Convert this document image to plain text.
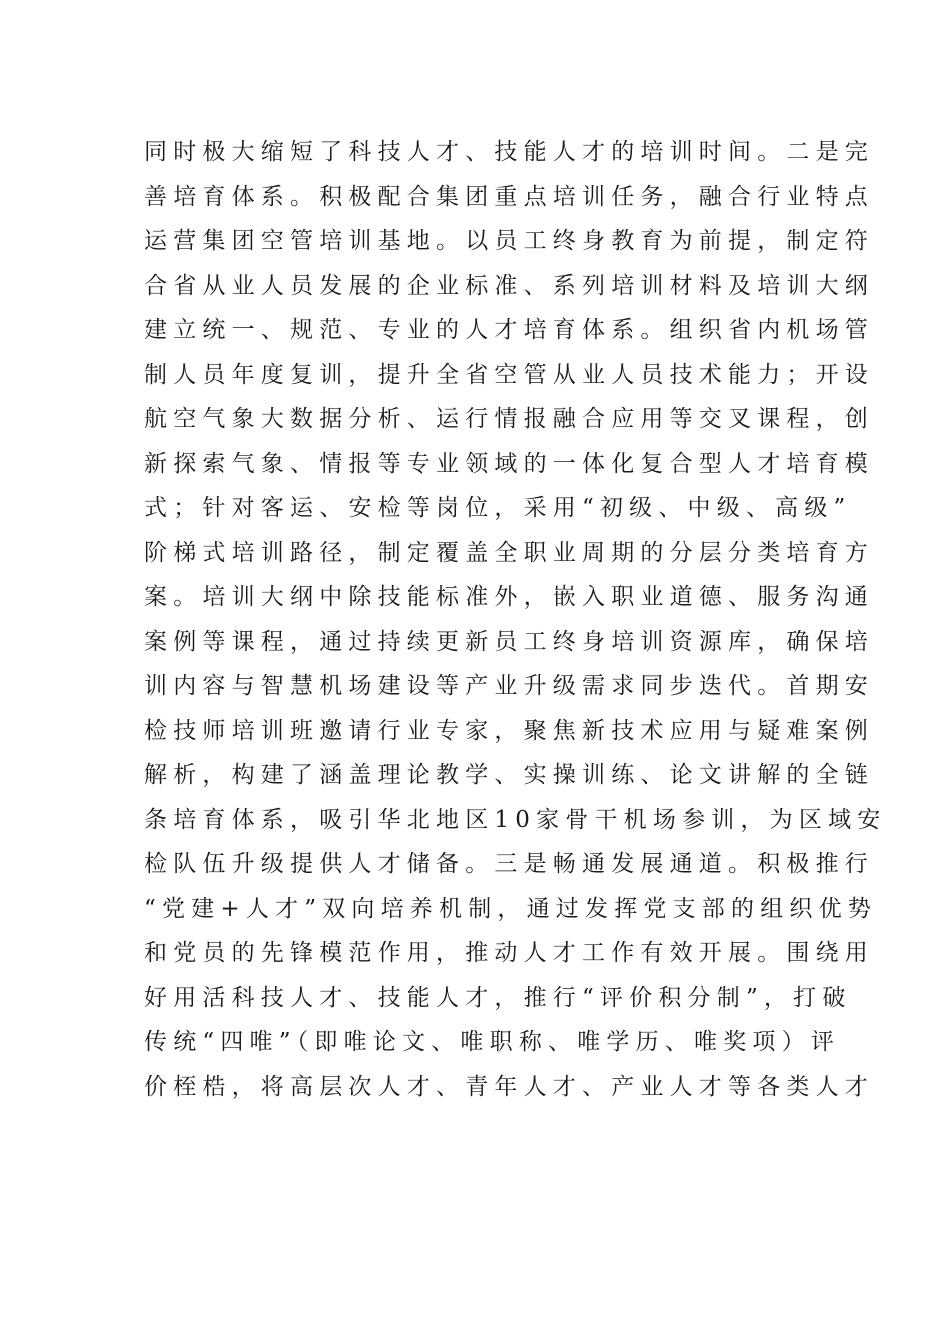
同时极大缩短了科技人才、技能人才的培训时间。二是完
善培育体系。积极配合集团重点培训任务，融合行业特点
运营集团空管培训基地。以员工终身教育为前提，制定符
合省从业人员发展的企业标准、系列培训材料及培训大纲
建立统一、规范、专业的人才培育体系。组织省内机场管
制人员年度复训，提升全省空管从业人员技术能力；开设
航空气象大数据分析、运行情报融合应用等交叉课程，创
新探索气象、情报等专业领域的一体化复合型人才培育模
式；针对客运、安检等岗位，采用“初级、中级、高级”
阶梯式培训路径，制定覆盖全职业周期的分层分类培育方
案。培训大纲中除技能标准外，嵌入职业道德、服务沟通
案例等课程，通过持续更新员工终身培训资源库，确保培
训内容与智慧机场建设等产业升级需求同步迭代。首期安
检技师培训班邀请行业专家，聚焦新技术应用与疑难案例
解析，构建了涵盖理论教学、实操训练、论文讲解的全链
条培育体系，吸引华北地区10家骨干机场参训，为区域安
检队伍升级提供人才储备。三是畅通发展通道。积极推行
“党建+人才”双向培养机制，通过发挥党支部的组织优势
和党员的先锋模范作用，推动人才工作有效开展。围绕用
好用活科技人才、技能人才，推行“评价积分制”，打破
传统“四唯”（即唯论文、唯职称、唯学历、唯奖项）评
价桎梏，将高层次人才、青年人才、产业人才等各类人才
